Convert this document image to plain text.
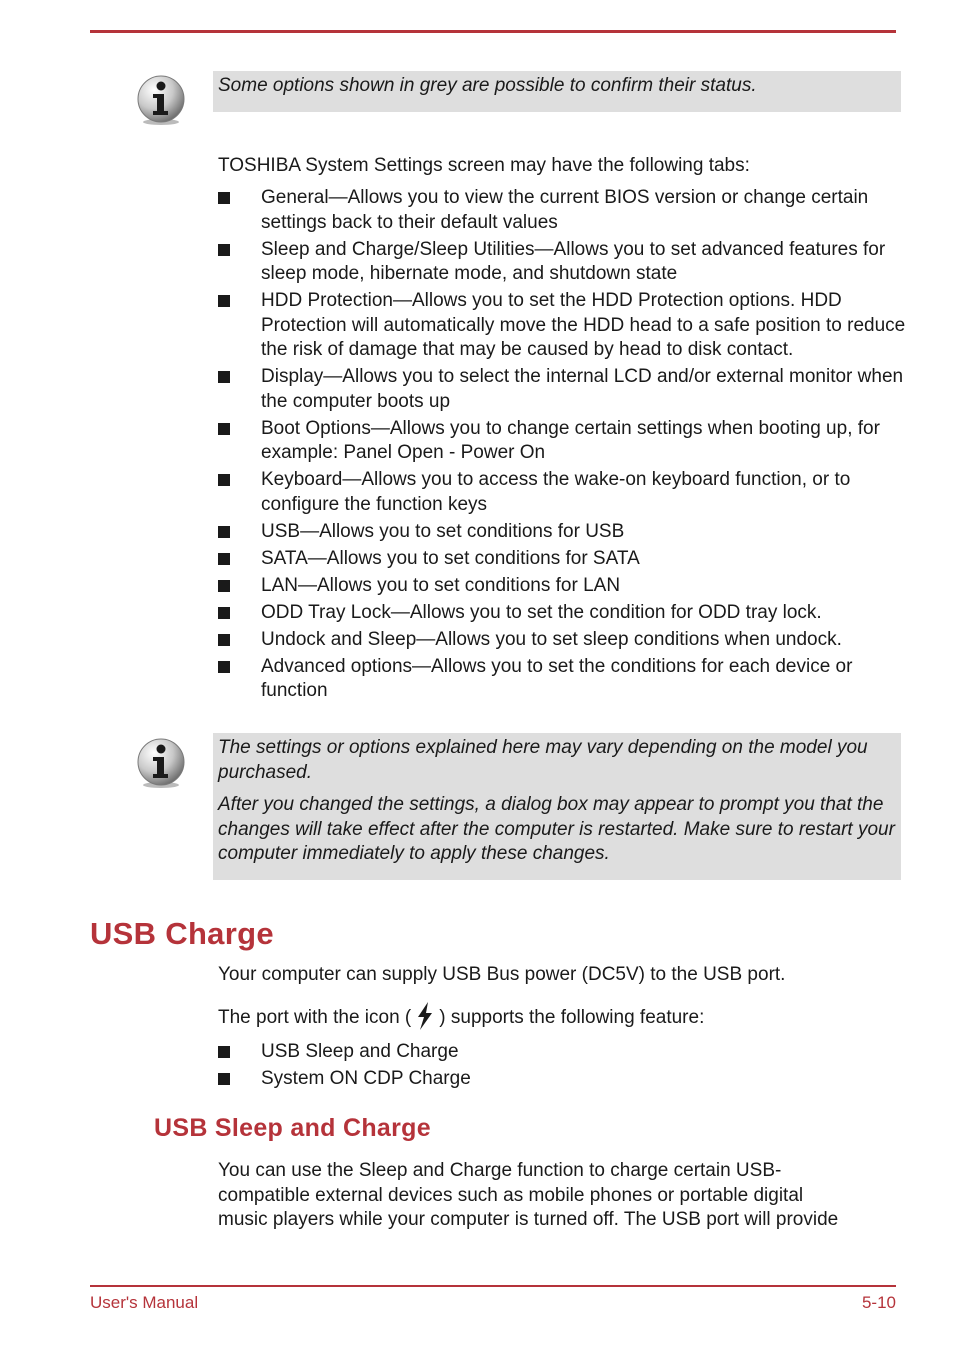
Some options shown in grey are possible to confirm their status.

TOSHIBA System Settings screen may have the following tabs:

General—Allows you to view the current BIOS version or change certain settings back to their default values
Sleep and Charge/Sleep Utilities—Allows you to set advanced features for sleep mode, hibernate mode, and shutdown state
HDD Protection—Allows you to set the HDD Protection options. HDD Protection will automatically move the HDD head to a safe position to reduce the risk of damage that may be caused by head to disk contact.
Display—Allows you to select the internal LCD and/or external monitor when the computer boots up
Boot Options—Allows you to change certain settings when booting up, for example: Panel Open - Power On
Keyboard—Allows you to access the wake-on keyboard function, or to configure the function keys
USB—Allows you to set conditions for USB
SATA—Allows you to set conditions for SATA
LAN—Allows you to set conditions for LAN
ODD Tray Lock—Allows you to set the condition for ODD tray lock.
Undock and Sleep—Allows you to set sleep conditions when undock.
Advanced options—Allows you to set the conditions for each device or function

The settings or options explained here may vary depending on the model you purchased.

After you changed the settings, a dialog box may appear to prompt you that the changes will take effect after the computer is restarted. Make sure to restart your computer immediately to apply these changes.

USB Charge

Your computer can supply USB Bus power (DC5V) to the USB port.

The port with the icon ( ) supports the following feature:

USB Sleep and Charge
System ON CDP Charge
USB Sleep and Charge
You can use the Sleep and Charge function to charge certain USB-
compatible external devices such as mobile phones or portable digital
music players while your computer is turned off. The USB port will provide
User's Manual	5-10
